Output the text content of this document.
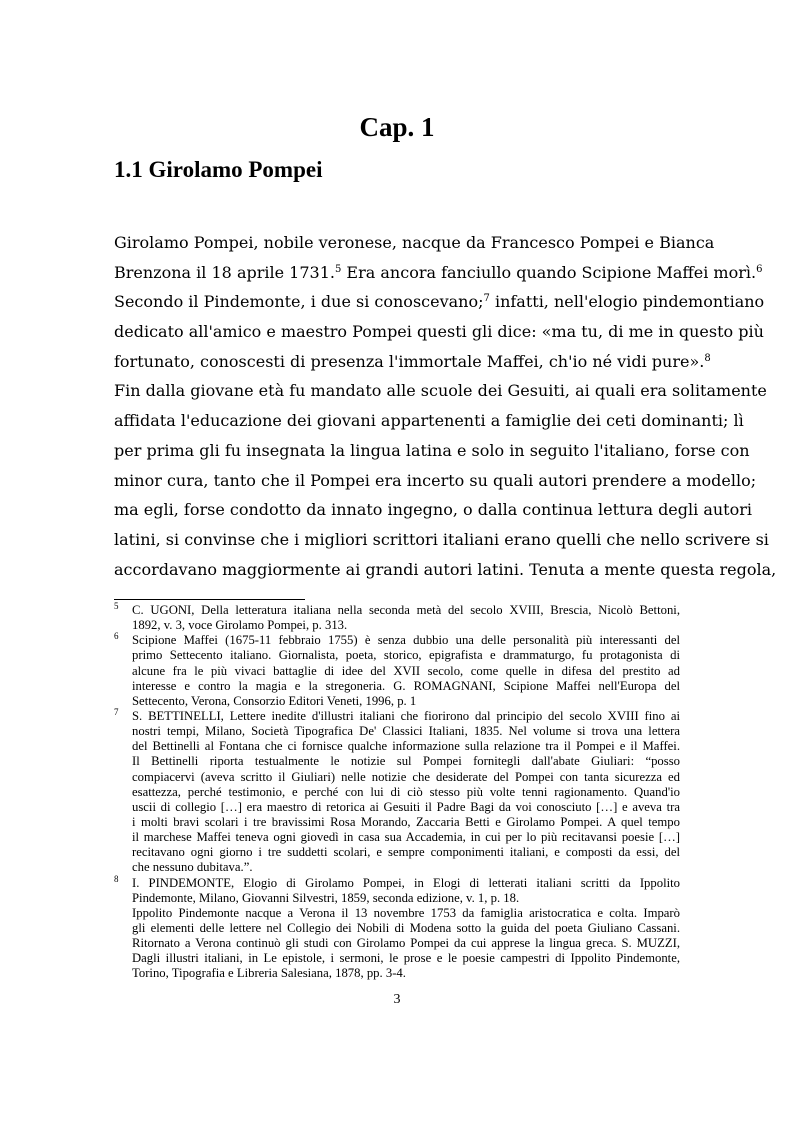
Cap. 1
1.1 Girolamo Pompei
Girolamo Pompei, nobile veronese, nacque da Francesco Pompei e Bianca
Brenzona il 18 aprile 1731.$^5$ Era ancora fanciullo quando Scipione Maffei morì.$^6$
Secondo il Pindemonte, i due si conoscevano;$^7$ infatti, nell'elogio pindemontiano
dedicato all'amico e maestro Pompei questi gli dice: «ma tu, di me in questo più
fortunato, conoscesti di presenza l'immortale Maffei, ch'io né vidi pure».$^8$
Fin dalla giovane età fu mandato alle scuole dei Gesuiti, ai quali era solitamente
affidata l'educazione dei giovani appartenenti a famiglie dei ceti dominanti; lì
per prima gli fu insegnata la lingua latina e solo in seguito l'italiano, forse con
minor cura, tanto che il Pompei era incerto su quali autori prendere a modello;
ma egli, forse condotto da innato ingegno, o dalla continua lettura degli autori
latini, si convinse che i migliori scrittori italiani erano quelli che nello scrivere si
accordavano maggiormente ai grandi autori latini. Tenuta a mente questa regola,
5 C. UGONI, Della letteratura italiana nella seconda metà del secolo XVIII, Brescia, Nicolò Bettoni,
1892, v. 3, voce Girolamo Pompei, p. 313.
6 Scipione Maffei (1675-11 febbraio 1755) è senza dubbio una delle personalità più interessanti del
primo Settecento italiano. Giornalista, poeta, storico, epigrafista e drammaturgo, fu protagonista di
alcune fra le più vivaci battaglie di idee del XVII secolo, come quelle in difesa del prestito ad
interesse e contro la magia e la stregoneria. G. ROMAGNANI, Scipione Maffei nell'Europa del
Settecento, Verona, Consorzio Editori Veneti, 1996, p. 1
7 S. BETTINELLI, Lettere inedite d'illustri italiani che fiorirono dal principio del secolo XVIII fino ai
nostri tempi, Milano, Società Tipografica De' Classici Italiani, 1835. Nel volume si trova una lettera
del Bettinelli al Fontana che ci fornisce qualche informazione sulla relazione tra il Pompei e il Maffei.
Il Bettinelli riporta testualmente le notizie sul Pompei fornitegli dall'abate Giuliari: “posso
compiacervi (aveva scritto il Giuliari) nelle notizie che desiderate del Pompei con tanta sicurezza ed
esattezza, perché testimonio, e perché con lui di ciò stesso più volte tenni ragionamento. Quand'io
uscii di collegio […] era maestro di retorica ai Gesuiti il Padre Bagi da voi conosciuto […] e aveva tra
i molti bravi scolari i tre bravissimi Rosa Morando, Zaccaria Betti e Girolamo Pompei. A quel tempo
il marchese Maffei teneva ogni giovedì in casa sua Accademia, in cui per lo più recitavansi poesie […]
recitavano ogni giorno i tre suddetti scolari, e sempre componimenti italiani, e composti da essi, del
che nessuno dubitava.”.
8 I. PINDEMONTE, Elogio di Girolamo Pompei, in Elogi di letterati italiani scritti da Ippolito
Pindemonte, Milano, Giovanni Silvestri, 1859, seconda edizione, v. 1, p. 18.
Ippolito Pindemonte nacque a Verona il 13 novembre 1753 da famiglia aristocratica e colta. Imparò
gli elementi delle lettere nel Collegio dei Nobili di Modena sotto la guida del poeta Giuliano Cassani.
Ritornato a Verona continuò gli studi con Girolamo Pompei da cui apprese la lingua greca. S. MUZZI,
Dagli illustri italiani, in Le epistole, i sermoni, le prose e le poesie campestri di Ippolito Pindemonte,
Torino, Tipografia e Libreria Salesiana, 1878, pp. 3-4.
3
